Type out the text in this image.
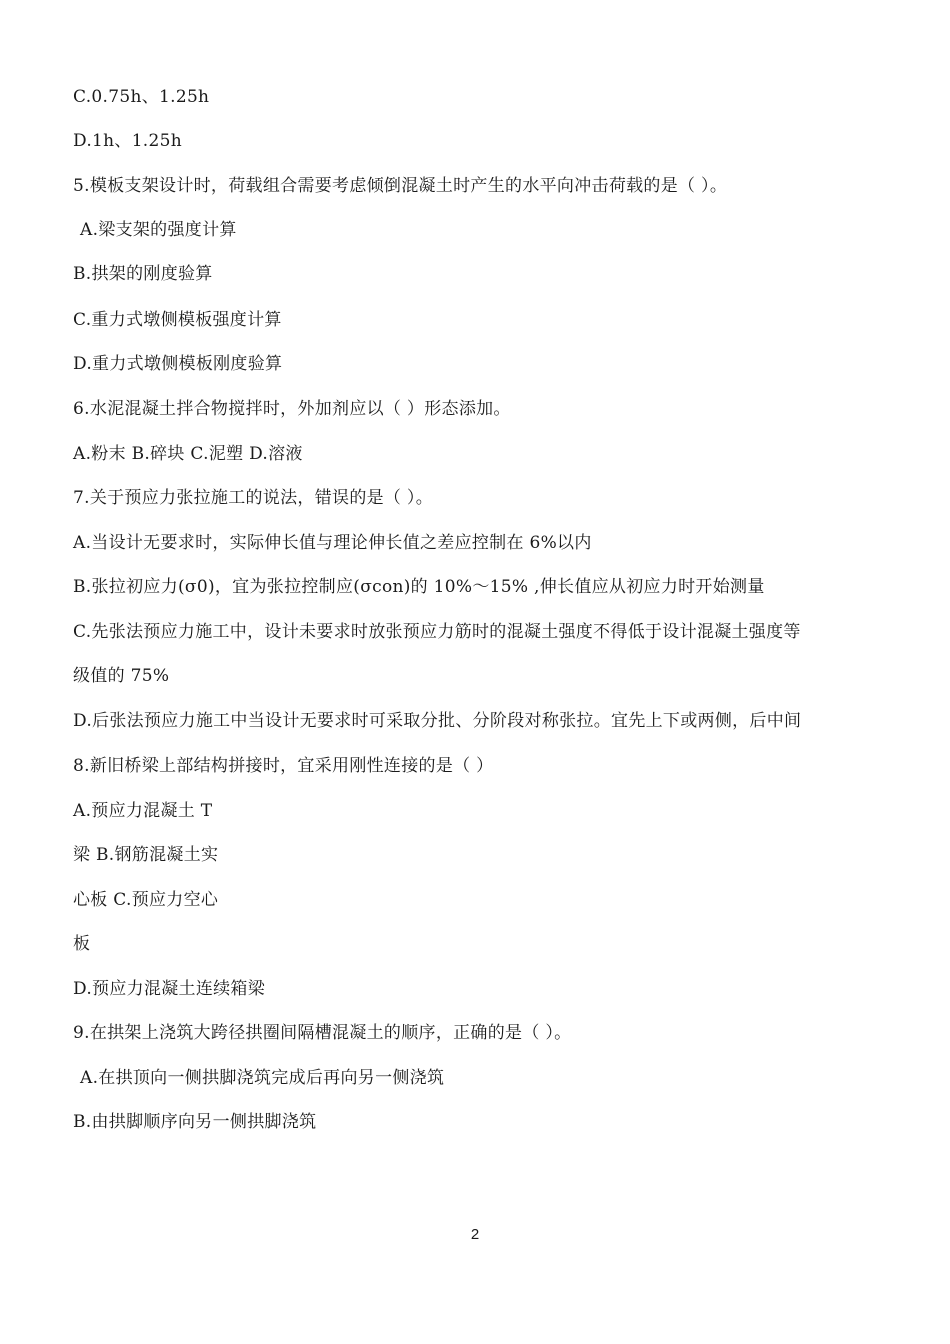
C.0.75h、1.25h
D.1h、1.25h
5.模板支架设计时，荷载组合需要考虑倾倒混凝土时产生的水平向冲击荷载的是（ ）。
A.梁支架的强度计算
B.拱架的刚度验算
C.重力式墩侧模板强度计算
D.重力式墩侧模板刚度验算
6.水泥混凝土拌合物搅拌时，外加剂应以（ ）形态添加。
A.粉末 B.碎块 C.泥塑 D.溶液
7.关于预应力张拉施工的说法，错误的是（ ）。
A.当设计无要求时，实际伸长值与理论伸长值之差应控制在 6%以内
B.张拉初应力(σ0)，宜为张拉控制应(σcon)的 10%～15% ,伸长值应从初应力时开始测量
C.先张法预应力施工中，设计未要求时放张预应力筋时的混凝土强度不得低于设计混凝土强度等
级值的 75%
D.后张法预应力施工中当设计无要求时可采取分批、分阶段对称张拉。宜先上下或两侧，后中间
8.新旧桥梁上部结构拼接时，宜采用刚性连接的是（ ）
A.预应力混凝土 T
梁 B.钢筋混凝土实
心板 C.预应力空心
板
D.预应力混凝土连续箱梁
9.在拱架上浇筑大跨径拱圈间隔槽混凝土的顺序，正确的是（ ）。
A.在拱顶向一侧拱脚浇筑完成后再向另一侧浇筑
B.由拱脚顺序向另一侧拱脚浇筑
2
